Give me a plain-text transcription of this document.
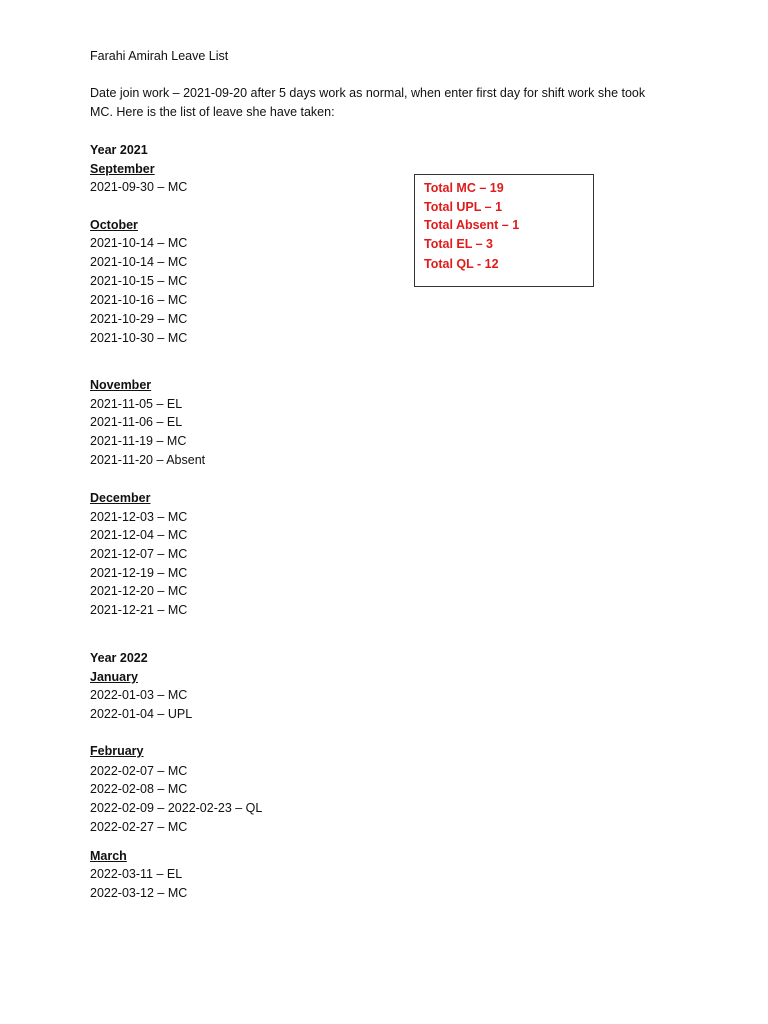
Farahi Amirah Leave List
Date join work – 2021-09-20 after 5 days work as normal, when enter first day for shift work she took
MC. Here is the list of leave she have taken:
Year 2021
September
2021-09-30 – MC
October
2021-10-14 – MC
2021-10-14 – MC
2021-10-15 – MC
2021-10-16 – MC
2021-10-29 – MC
2021-10-30 – MC
November
2021-11-05 – EL
2021-11-06 – EL
2021-11-19 – MC
2021-11-20 – Absent
December
2021-12-03 – MC
2021-12-04 – MC
2021-12-07 – MC
2021-12-19 – MC
2021-12-20 – MC
2021-12-21 – MC
Year 2022
January
2022-01-03 – MC
2022-01-04 – UPL
February
2022-02-07 – MC
2022-02-08 – MC
2022-02-09 – 2022-02-23 – QL
2022-02-27 – MC
March
2022-03-11 – EL
2022-03-12 – MC
Total MC – 19
Total UPL – 1
Total Absent – 1
Total EL – 3
Total QL - 12
